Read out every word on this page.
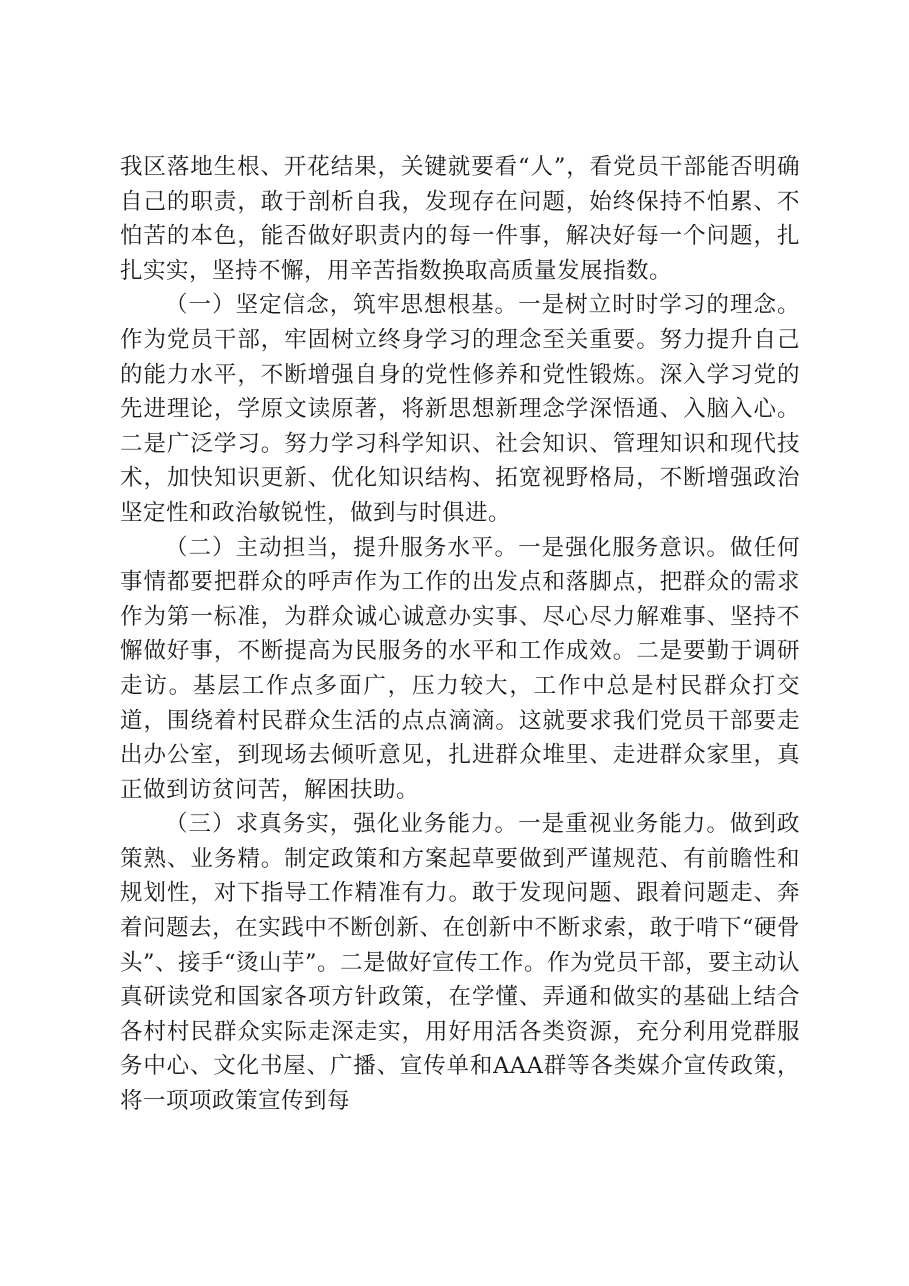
我区落地生根、开花结果，关键就要看“人”，看党员干部能否明确自己的职责，敢于剖析自我，发现存在问题，始终保持不怕累、不怕苦的本色，能否做好职责内的每一件事，解决好每一个问题，扎扎实实，坚持不懈，用辛苦指数换取高质量发展指数。

（一）坚定信念，筑牢思想根基。一是树立时时学习的理念。作为党员干部，牢固树立终身学习的理念至关重要。努力提升自己的能力水平，不断增强自身的党性修养和党性锻炼。深入学习党的先进理论，学原文读原著，将新思想新理念学深悟通、入脑入心。二是广泛学习。努力学习科学知识、社会知识、管理知识和现代技术，加快知识更新、优化知识结构、拓宽视野格局，不断增强政治坚定性和政治敏锐性，做到与时俱进。

（二）主动担当，提升服务水平。一是强化服务意识。做任何事情都要把群众的呼声作为工作的出发点和落脚点，把群众的需求作为第一标准，为群众诚心诚意办实事、尽心尽力解难事、坚持不懈做好事，不断提高为民服务的水平和工作成效。二是要勤于调研走访。基层工作点多面广，压力较大，工作中总是村民群众打交道，围绕着村民群众生活的点点滴滴。这就要求我们党员干部要走出办公室，到现场去倾听意见，扎进群众堆里、走进群众家里，真正做到访贫问苦，解困扶助。

（三）求真务实，强化业务能力。一是重视业务能力。做到政策熟、业务精。制定政策和方案起草要做到严谨规范、有前瞻性和规划性，对下指导工作精准有力。敢于发现问题、跟着问题走、奔着问题去，在实践中不断创新、在创新中不断求索，敢于啃下“硬骨头”、接手“烫山芋”。二是做好宣传工作。作为党员干部，要主动认真研读党和国家各项方针政策，在学懂、弄通和做实的基础上结合各村村民群众实际走深走实，用好用活各类资源，充分利用党群服务中心、文化书屋、广播、宣传单和AAA群等各类媒介宣传政策，将一项项政策宣传到每
